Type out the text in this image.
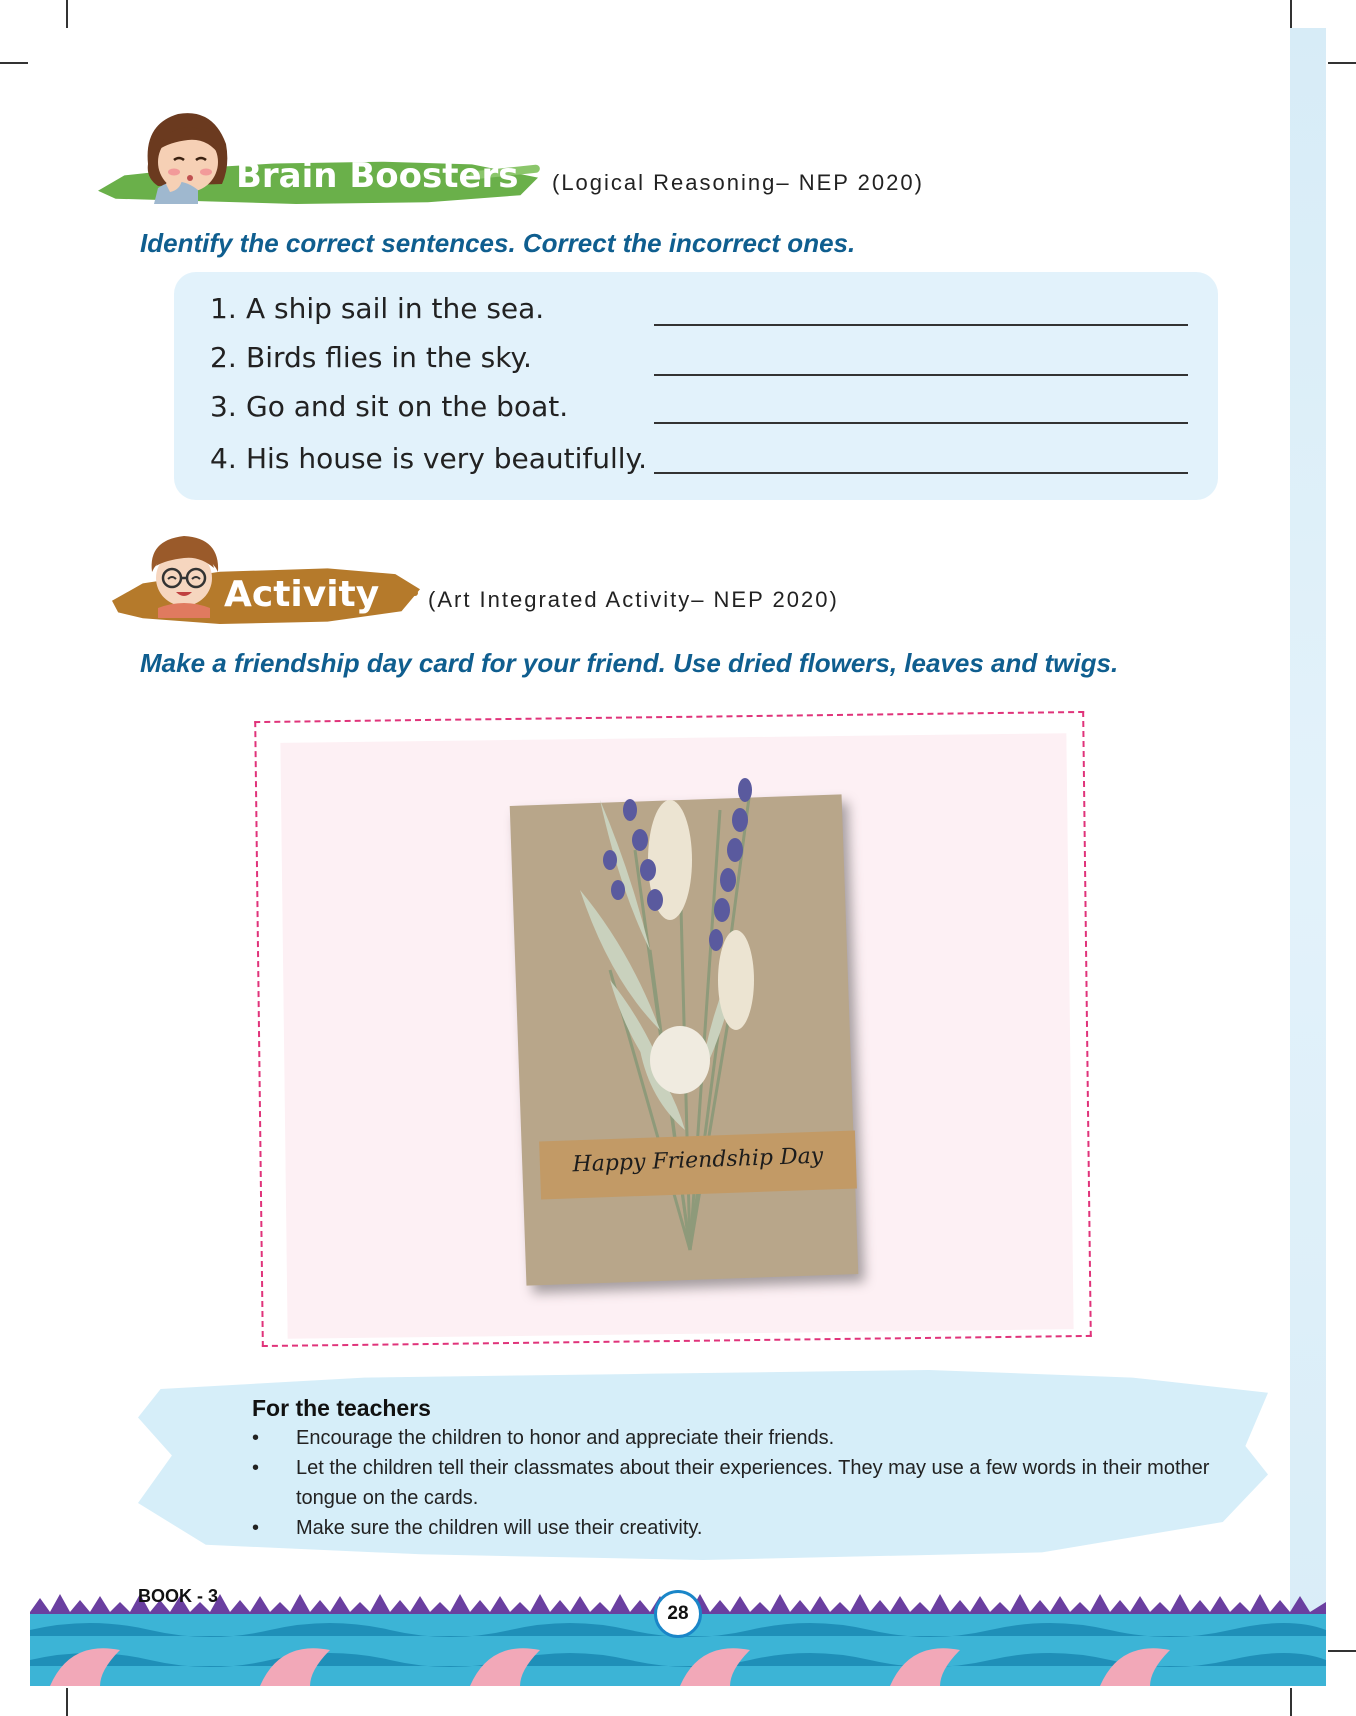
Brain Boosters (Logical Reasoning– NEP 2020)
Identify the correct sentences. Correct the incorrect ones.
1. A ship sail in the sea.
2. Birds flies in the sky.
3. Go and sit on the boat.
4. His house is very beautifully.
Activity (Art Integrated Activity– NEP 2020)
Make a friendship day card for your friend. Use dried flowers, leaves and twigs.
Happy Friendship Day
For the teachers
• Encourage the children to honor and appreciate their friends.
• Let the children tell their classmates about their experiences. They may use a few words in their mother tongue on the cards.
• Make sure the children will use their creativity.
BOOK - 3
28
